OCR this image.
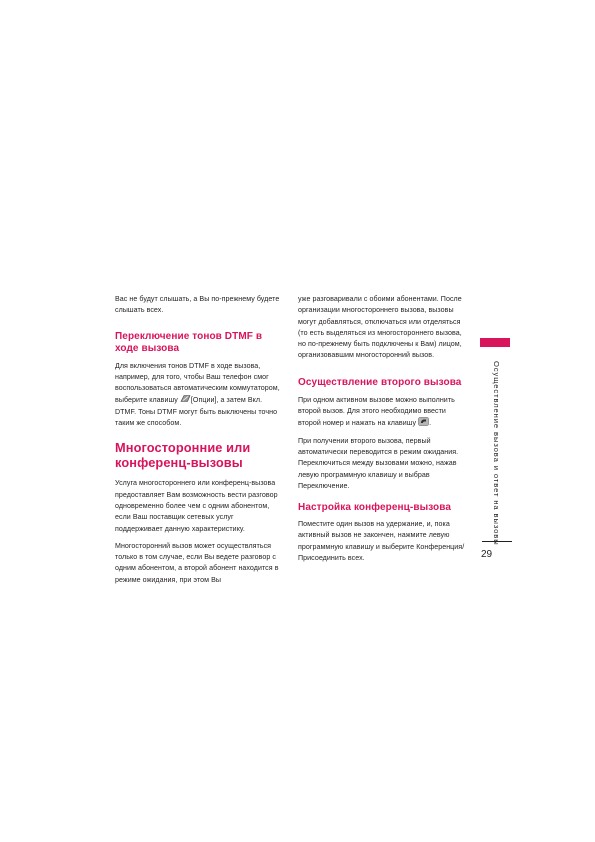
Вас не будут слышать, а Вы по-прежнему будете слышать всех.

Переключение тонов DTMF в ходе вызова

Для включения тонов DTMF в ходе вызова, например, для того, чтобы Ваш телефон смог воспользоваться автоматическим коммутатором, выберите клавишу [Опции], а затем Вкл. DTMF. Тоны DTMF могут быть выключены точно таким же способом.

Многосторонние или конференц-вызовы

Услуга многостороннего или конференц-вызова предоставляет Вам возможность вести разговор одновременно более чем с одним абонентом, если Ваш поставщик сетевых услуг поддерживает данную характеристику.

Многосторонний вызов может осуществляться только в том случае, если Вы ведете разговор с одним абонентом, а второй абонент находится в режиме ожидания, при этом Вы

уже разговаривали с обоими абонентами. После организации многостороннего вызова, вызовы могут добавляться, отключаться или отделяться (то есть выделяться из многостороннего вызова, но по-прежнему быть подключены к Вам) лицом, организовавшим многосторонний вызов.

Осуществление второго вызова

При одном активном вызове можно выполнить второй вызов. Для этого необходимо ввести второй номер и нажать на клавишу .

При получении второго вызова, первый автоматически переводится в режим ожидания. Переключиться между вызовами можно, нажав левую программную клавишу и выбрав Переключение.

Настройка конференц-вызова

Поместите один вызов на удержание, и, пока активный вызов не закончен, нажмите левую программную клавишу и выберите Конференция/Присоединить всех.

Осуществление вызова и ответ на вызовы
29
